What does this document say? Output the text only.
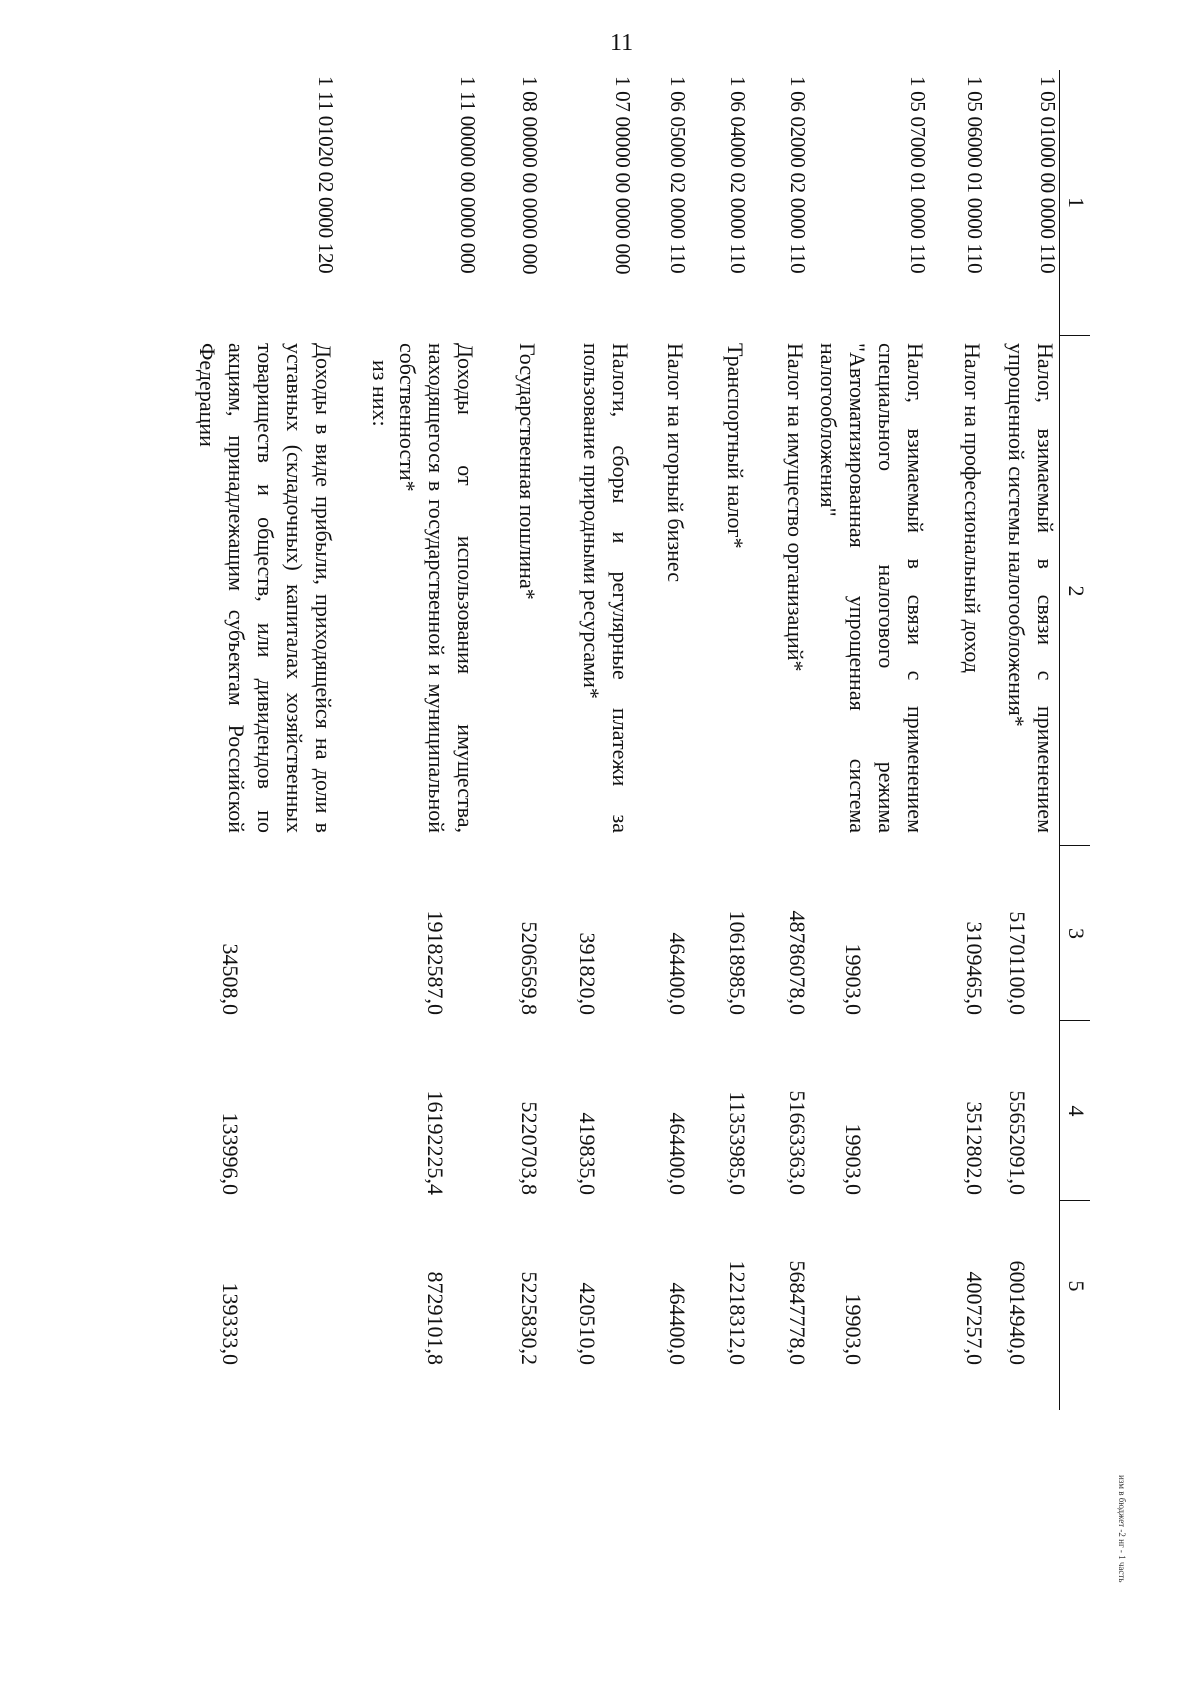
11
1
2
3
4
5
1 05 01000 00 0000 110
Налог, взимаемый в связи с применением упрощенной системы налогообложения*
51701100,0
55652091,0
60014940,0
1 05 06000 01 0000 110
Налог на профессиональный доход
3109465,0
3512802,0
4007257,0
1 05 07000 01 0000 110
Налог, взимаемый в связи с применением специального налогового режима "Автоматизированная упрощенная система налогообложения"
19903,0
19903,0
19903,0
1 06 02000 02 0000 110
Налог на имущество организаций*
48786078,0
51663363,0
56847778,0
1 06 04000 02 0000 110
Транспортный налог*
10618985,0
11353985,0
12218312,0
1 06 05000 02 0000 110
Налог на игорный бизнес
464400,0
464400,0
464400,0
1 07 00000 00 0000 000
Налоги, сборы и регулярные платежи за пользование природными ресурсами*
391820,0
419835,0
420510,0
1 08 00000 00 0000 000
Государственная пошлина*
5206569,8
5220703,8
5225830,2
1 11 00000 00 0000 000
Доходы от использования имущества, находящегося в государственной и муниципальной собственности*
19182587,0
16192225,4
8729101,8
из них:
1 11 01020 02 0000 120
Доходы в виде прибыли, приходящейся на доли в уставных (складочных) капиталах хозяйственных товариществ и обществ, или дивидендов по акциям, принадлежащим субъектам Российской Федерации
34508,0
133996,0
139333,0
изм в бюджет -2 нг - 1 часть
